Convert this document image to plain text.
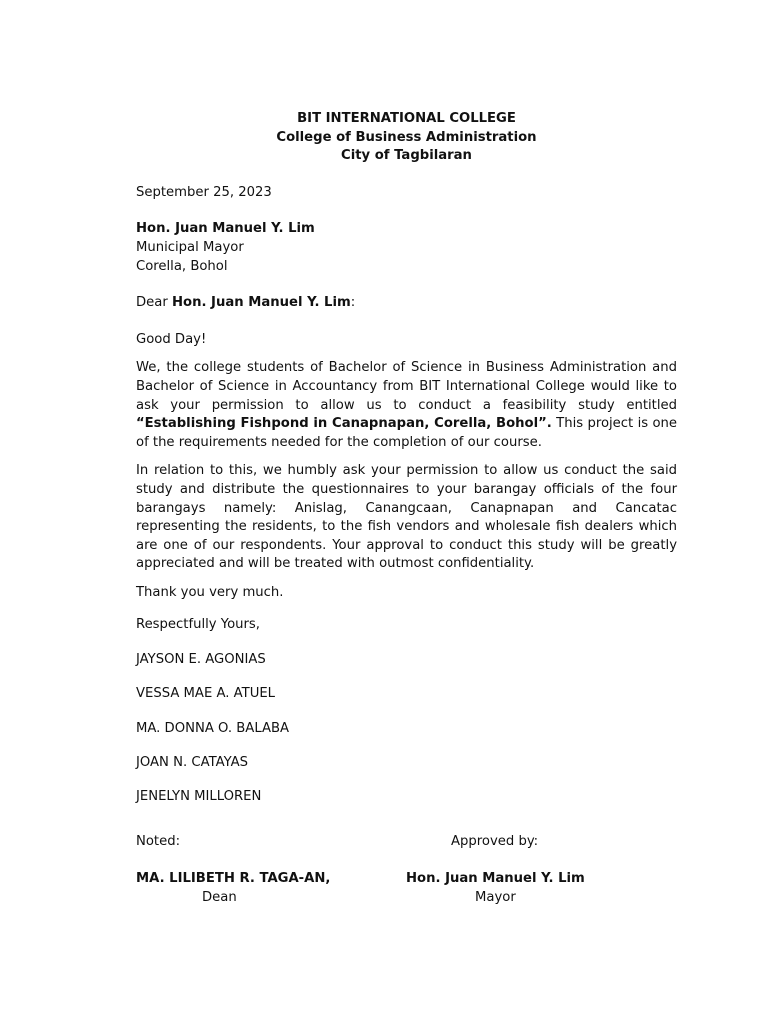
BIT INTERNATIONAL COLLEGE
College of Business Administration
City of Tagbilaran
September 25, 2023
Hon. Juan Manuel Y. Lim
Municipal Mayor
Corella, Bohol
Dear Hon. Juan Manuel Y. Lim:
Good Day!

We, the college students of Bachelor of Science in Business Administration and Bachelor of Science in Accountancy from BIT International College would like to ask your permission to allow us to conduct a feasibility study entitled “Establishing Fishpond in Canapnapan, Corella, Bohol”. This project is one of the requirements needed for the completion of our course.

In relation to this, we humbly ask your permission to allow us conduct the said study and distribute the questionnaires to your barangay officials of the four barangays namely: Anislag, Canangcaan, Canapnapan and Cancatac representing the residents, to the fish vendors and wholesale fish dealers which are one of our respondents. Your approval to conduct this study will be greatly appreciated and will be treated with outmost confidentiality.

Thank you very much.
Respectfully Yours,
JAYSON E. AGONIAS
VESSA MAE A. ATUEL
MA. DONNA O. BALABA
JOAN N. CATAYAS
JENELYN MILLOREN
Noted:	Approved by:
MA. LILIBETH R. TAGA-AN,
Dean
Hon. Juan Manuel Y. Lim
Mayor
